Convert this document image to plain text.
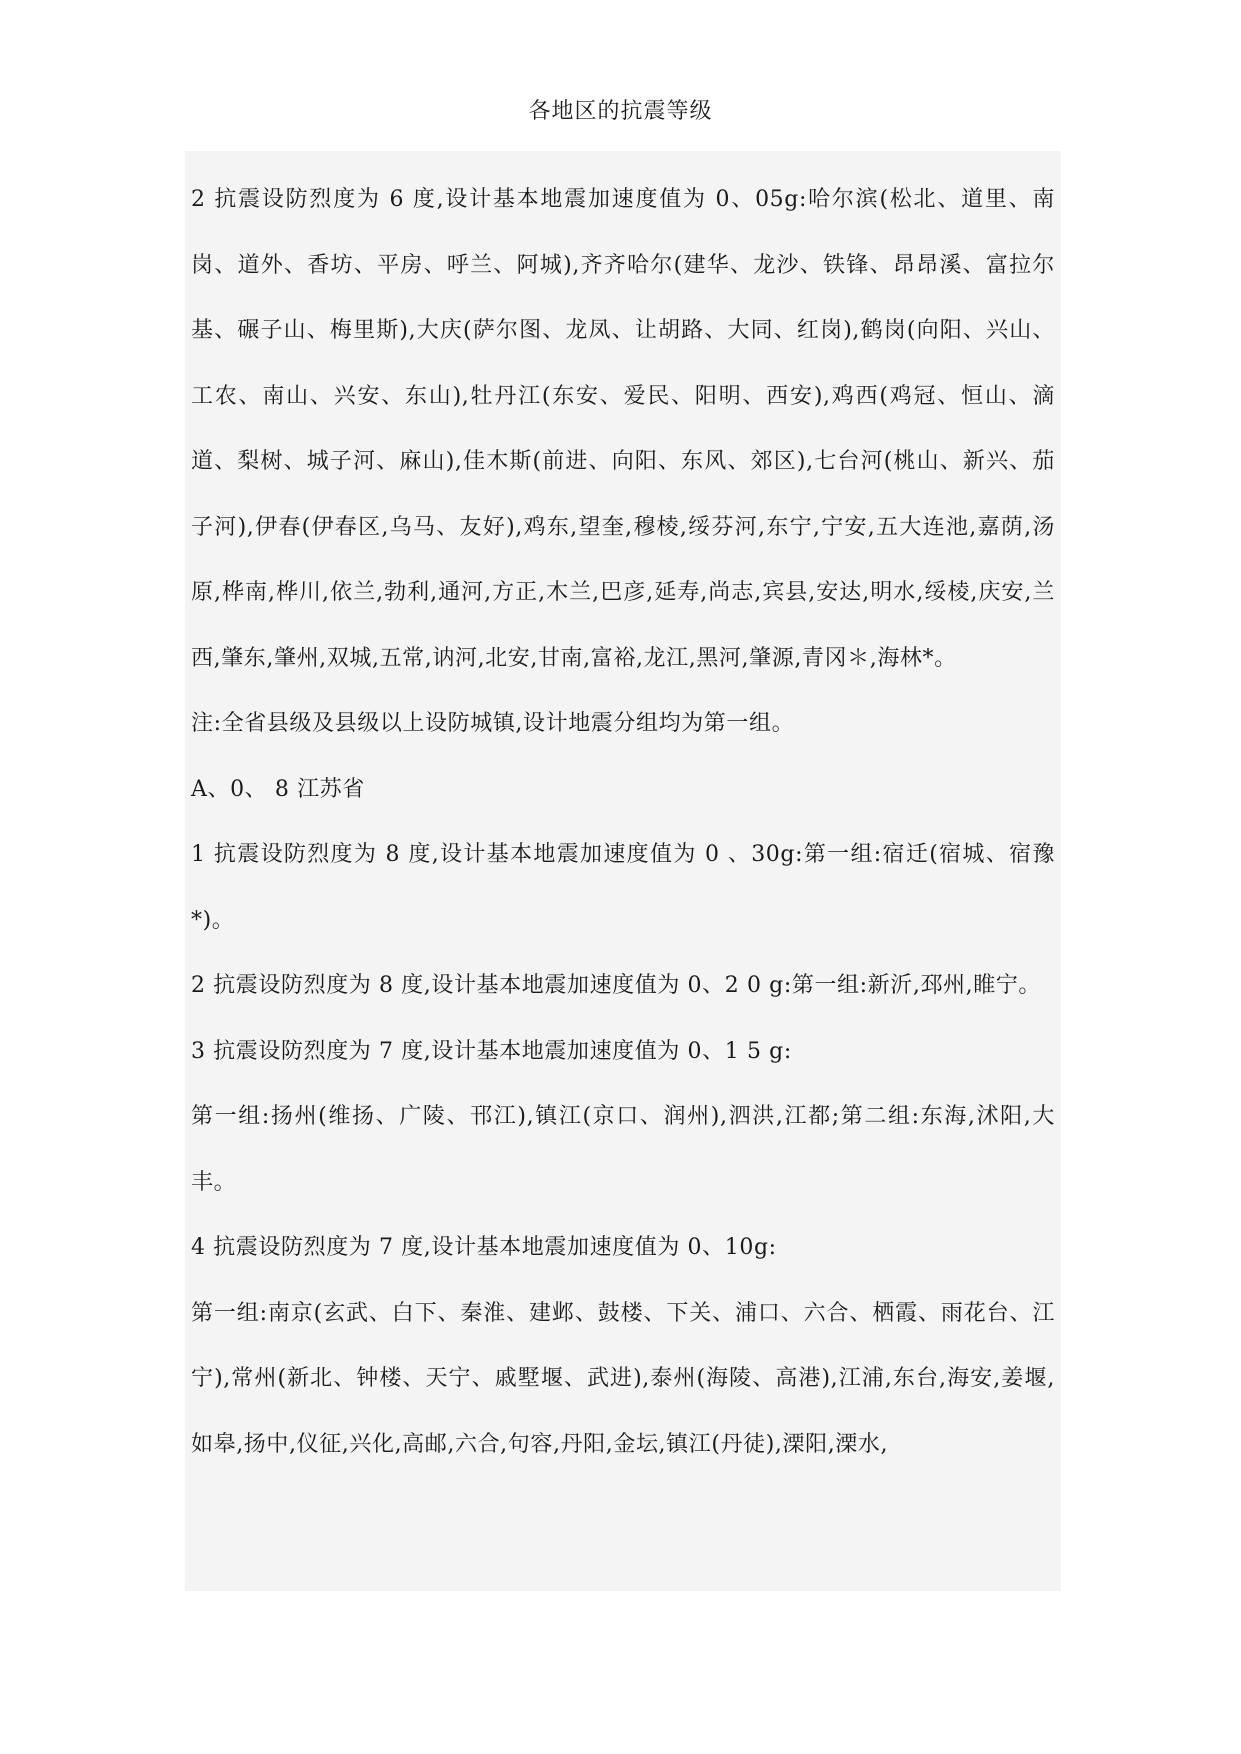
各地区的抗震等级

2 抗震设防烈度为 6 度,设计基本地震加速度值为 0、05g:哈尔滨(松北、道里、南岗、道外、香坊、平房、呼兰、阿城),齐齐哈尔(建华、龙沙、铁锋、昂昂溪、富拉尔基、碾子山、梅里斯),大庆(萨尔图、龙凤、让胡路、大同、红岗),鹤岗(向阳、兴山、工农、南山、兴安、东山),牡丹江(东安、爱民、阳明、西安),鸡西(鸡冠、恒山、滴道、梨树、城子河、麻山),佳木斯(前进、向阳、东风、郊区),七台河(桃山、新兴、茄子河),伊春(伊春区,乌马、友好),鸡东,望奎,穆棱,绥芬河,东宁,宁安,五大连池,嘉荫,汤原,桦南,桦川,依兰,勃利,通河,方正,木兰,巴彦,延寿,尚志,宾县,安达,明水,绥棱,庆安,兰西,肇东,肇州,双城,五常,讷河,北安,甘南,富裕,龙江,黑河,肇源,青冈＊,海林*。

注:全省县级及县级以上设防城镇,设计地震分组均为第一组。

A、0、 8 江苏省

1 抗震设防烈度为 8 度,设计基本地震加速度值为 0 、30g:第一组:宿迁(宿城、宿豫*)。

2 抗震设防烈度为 8 度,设计基本地震加速度值为 0、2 0 g:第一组:新沂,邳州,睢宁。

3 抗震设防烈度为 7 度,设计基本地震加速度值为 0、1 5 g:

第一组:扬州(维扬、广陵、邗江),镇江(京口、润州),泗洪,江都;第二组:东海,沭阳,大丰。

4 抗震设防烈度为 7 度,设计基本地震加速度值为 0、10g:

第一组:南京(玄武、白下、秦淮、建邺、鼓楼、下关、浦口、六合、栖霞、雨花台、江宁),常州(新北、钟楼、天宁、戚墅堰、武进),泰州(海陵、高港),江浦,东台,海安,姜堰,如皋,扬中,仪征,兴化,高邮,六合,句容,丹阳,金坛,镇江(丹徒),溧阳,溧水,
